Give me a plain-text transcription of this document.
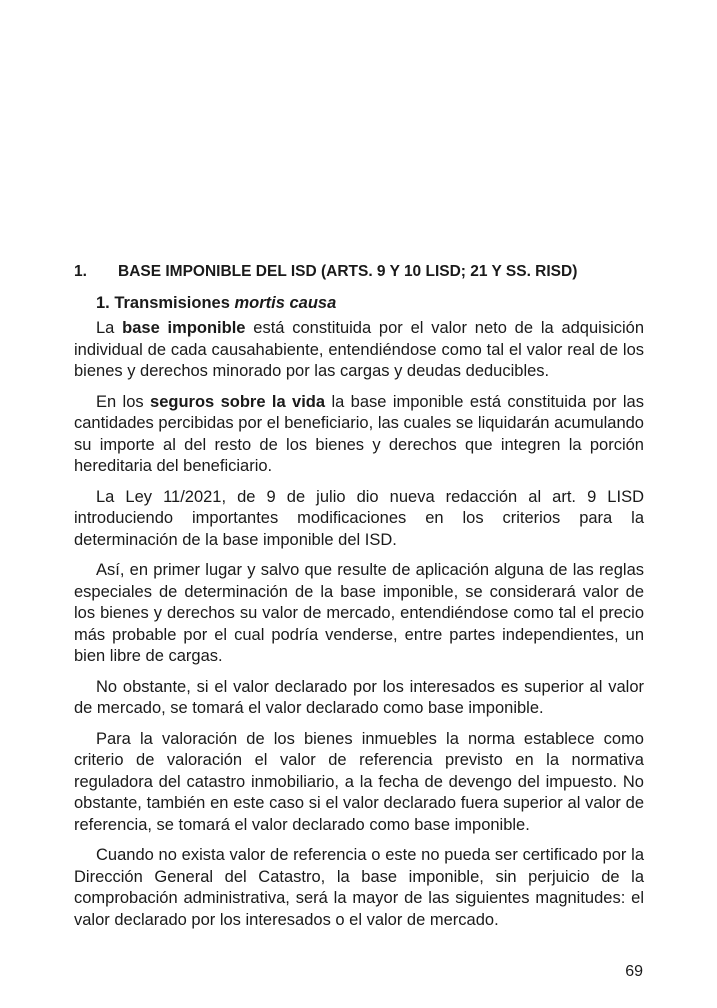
1.	BASE IMPONIBLE DEL ISD (ARTS. 9 Y 10 LISD; 21 Y SS. RISD)
1. Transmisiones mortis causa

La base imponible está constituida por el valor neto de la adquisición individual de cada causahabiente, entendiéndose como tal el valor real de los bienes y derechos minorado por las cargas y deudas deducibles.

En los seguros sobre la vida la base imponible está constituida por las cantidades percibidas por el beneficiario, las cuales se liquidarán acumulando su importe al del resto de los bienes y derechos que integren la porción hereditaria del beneficiario.

La Ley 11/2021, de 9 de julio dio nueva redacción al art. 9 LISD introduciendo importantes modificaciones en los criterios para la determinación de la base imponible del ISD.

Así, en primer lugar y salvo que resulte de aplicación alguna de las reglas especiales de determinación de la base imponible, se considerará valor de los bienes y derechos su valor de mercado, entendiéndose como tal el precio más probable por el cual podría venderse, entre partes independientes, un bien libre de cargas.

No obstante, si el valor declarado por los interesados es superior al valor de mercado, se tomará el valor declarado como base imponible.

Para la valoración de los bienes inmuebles la norma establece como criterio de valoración el valor de referencia previsto en la normativa reguladora del catastro inmobiliario, a la fecha de devengo del impuesto. No obstante, también en este caso si el valor declarado fuera superior al valor de referencia, se tomará el valor declarado como base imponible.

Cuando no exista valor de referencia o este no pueda ser certificado por la Dirección General del Catastro, la base imponible, sin perjuicio de la comprobación administrativa, será la mayor de las siguientes magnitudes: el valor declarado por los interesados o el valor de mercado.

69
